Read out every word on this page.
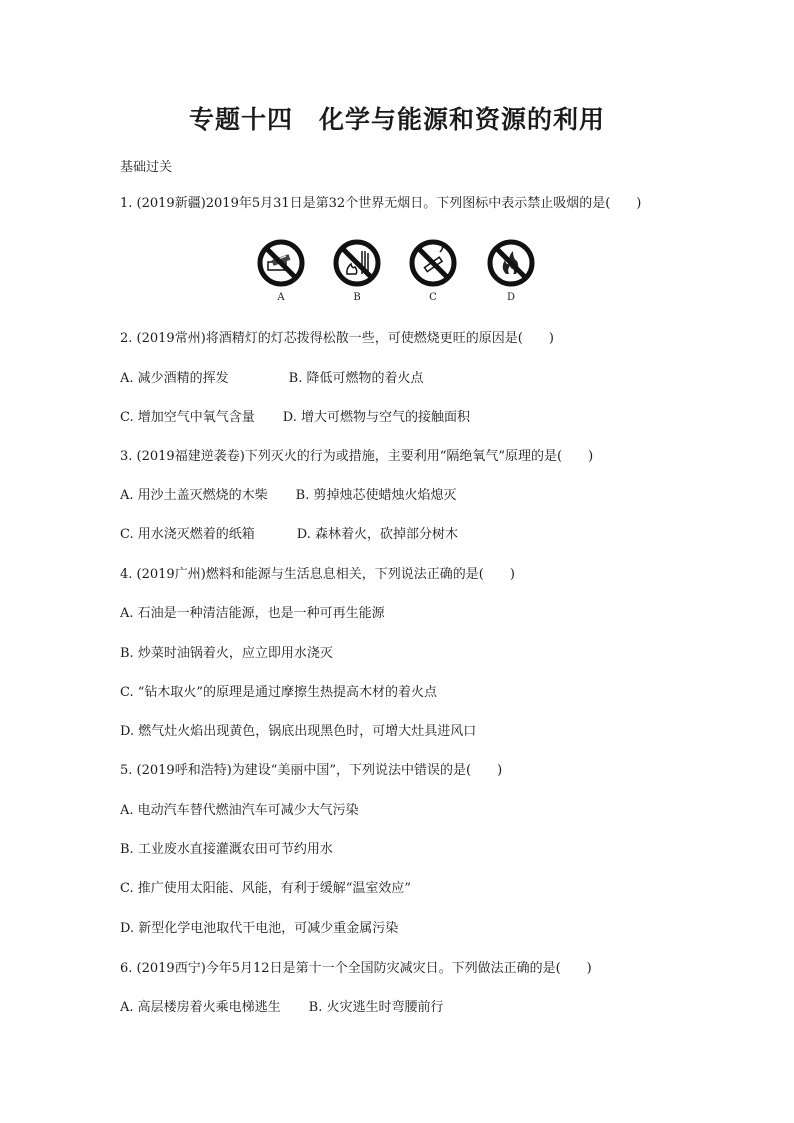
专题十四 化学与能源和资源的利用
基础过关
1. (2019新疆)2019年5月31日是第32个世界无烟日。下列图标中表示禁止吸烟的是( )
A	B	C	D
2. (2019常州)将酒精灯的灯芯拨得松散一些，可使燃烧更旺的原因是( )
A. 减少酒精的挥发	B. 降低可燃物的着火点
C. 增加空气中氧气含量 D. 增大可燃物与空气的接触面积
3. (2019福建逆袭卷)下列灭火的行为或措施，主要利用“隔绝氧气”原理的是( )
A. 用沙土盖灭燃烧的木柴 B. 剪掉烛芯使蜡烛火焰熄灭
C. 用水浇灭燃着的纸箱	D. 森林着火，砍掉部分树木
4. (2019广州)燃料和能源与生活息息相关，下列说法正确的是( )
A. 石油是一种清洁能源，也是一种可再生能源
B. 炒菜时油锅着火，应立即用水浇灭
C. “钻木取火”的原理是通过摩擦生热提高木材的着火点
D. 燃气灶火焰出现黄色，锅底出现黑色时，可增大灶具进风口
5. (2019呼和浩特)为建设“美丽中国”，下列说法中错误的是( )
A. 电动汽车替代燃油汽车可减少大气污染
B. 工业废水直接灌溉农田可节约用水
C. 推广使用太阳能、风能，有利于缓解“温室效应”
D. 新型化学电池取代干电池，可减少重金属污染
6. (2019西宁)今年5月12日是第十一个全国防灾减灾日。下列做法正确的是( )
A. 高层楼房着火乘电梯逃生 B. 火灾逃生时弯腰前行
